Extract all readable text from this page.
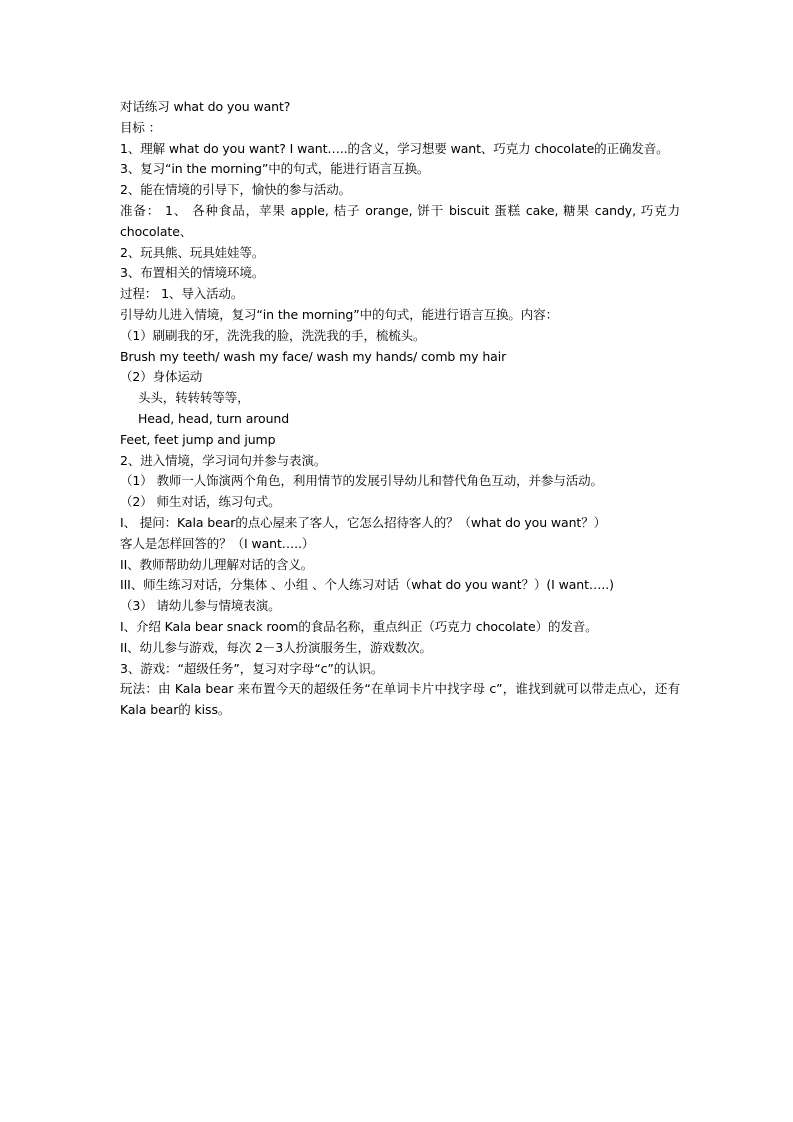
对话练习 what do you want?
目标 ：
1、理解 what do you want? I want…..的含义，学习想要 want、巧克力 chocolate的正确发音。
3、复习“in the morning”中的句式，能进行语言互换。
2、能在情境的引导下，愉快的参与活动。
准备： 1、 各种食品，苹果 apple, 桔子 orange, 饼干 biscuit 蛋糕 cake, 糖果 candy, 巧克力 chocolate、
2、玩具熊、玩具娃娃等。
3、布置相关的情境环境。
过程： 1、导入活动。
引导幼儿进入情境，复习“in the morning”中的句式，能进行语言互换。内容：
（1）刷刷我的牙，洗洗我的脸，洗洗我的手，梳梳头。
Brush my teeth/ wash my face/ wash my hands/ comb my hair
（2）身体运动
头头，转转转等等，
Head, head, turn around
Feet, feet jump and jump
2、进入情境，学习词句并参与表演。
（1） 教师一人饰演两个角色，利用情节的发展引导幼儿和替代角色互动，并参与活动。
（2） 师生对话，练习句式。
I、 提问：Kala bear的点心屋来了客人，它怎么招待客人的？（what do you want？）
客人是怎样回答的？（I want…..）
II、教师帮助幼儿理解对话的含义。
III、师生练习对话，分集体 、小组 、个人练习对话（what do you want？）(I want…..)
（3） 请幼儿参与情境表演。
I、介绍 Kala bear snack room的食品名称，重点纠正（巧克力 chocolate）的发音。
II、幼儿参与游戏，每次 2－3人扮演服务生，游戏数次。
3、游戏：“超级任务”，复习对字母“c”的认识。
玩法：由 Kala bear 来布置今天的超级任务“在单词卡片中找字母 c”，谁找到就可以带走点心，还有 Kala bear的 kiss。
